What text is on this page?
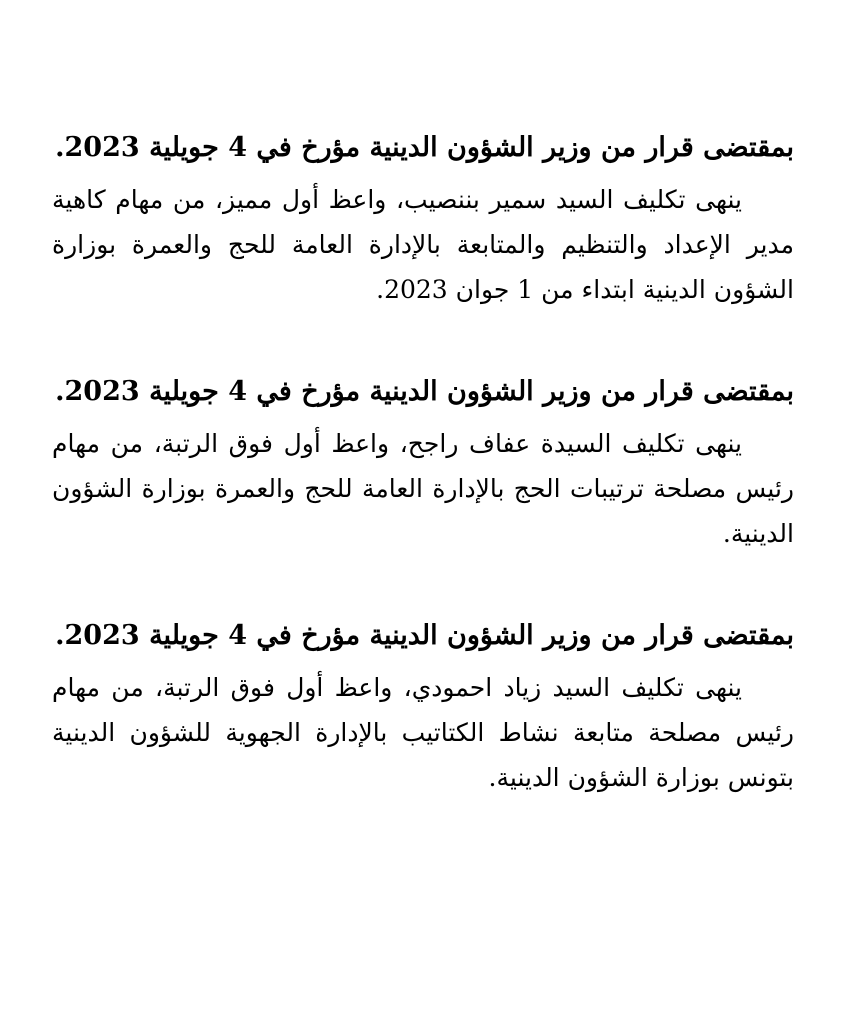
بمقتضى قرار من وزير الشؤون الدينية مؤرخ في 4 جويلية 2023.

ينهى تكليف السيد سمير بننصيب، واعظ أول مميز، من مهام كاهية مدير الإعداد والتنظيم والمتابعة بالإدارة العامة للحج والعمرة بوزارة الشؤون الدينية ابتداء من 1 جوان 2023.

بمقتضى قرار من وزير الشؤون الدينية مؤرخ في 4 جويلية 2023.

ينهى تكليف السيدة عفاف راجح، واعظ أول فوق الرتبة، من مهام رئيس مصلحة ترتيبات الحج بالإدارة العامة للحج والعمرة بوزارة الشؤون الدينية.

بمقتضى قرار من وزير الشؤون الدينية مؤرخ في 4 جويلية 2023.

ينهى تكليف السيد زياد احمودي، واعظ أول فوق الرتبة، من مهام رئيس مصلحة متابعة نشاط الكتاتيب بالإدارة الجهوية للشؤون الدينية بتونس بوزارة الشؤون الدينية.
